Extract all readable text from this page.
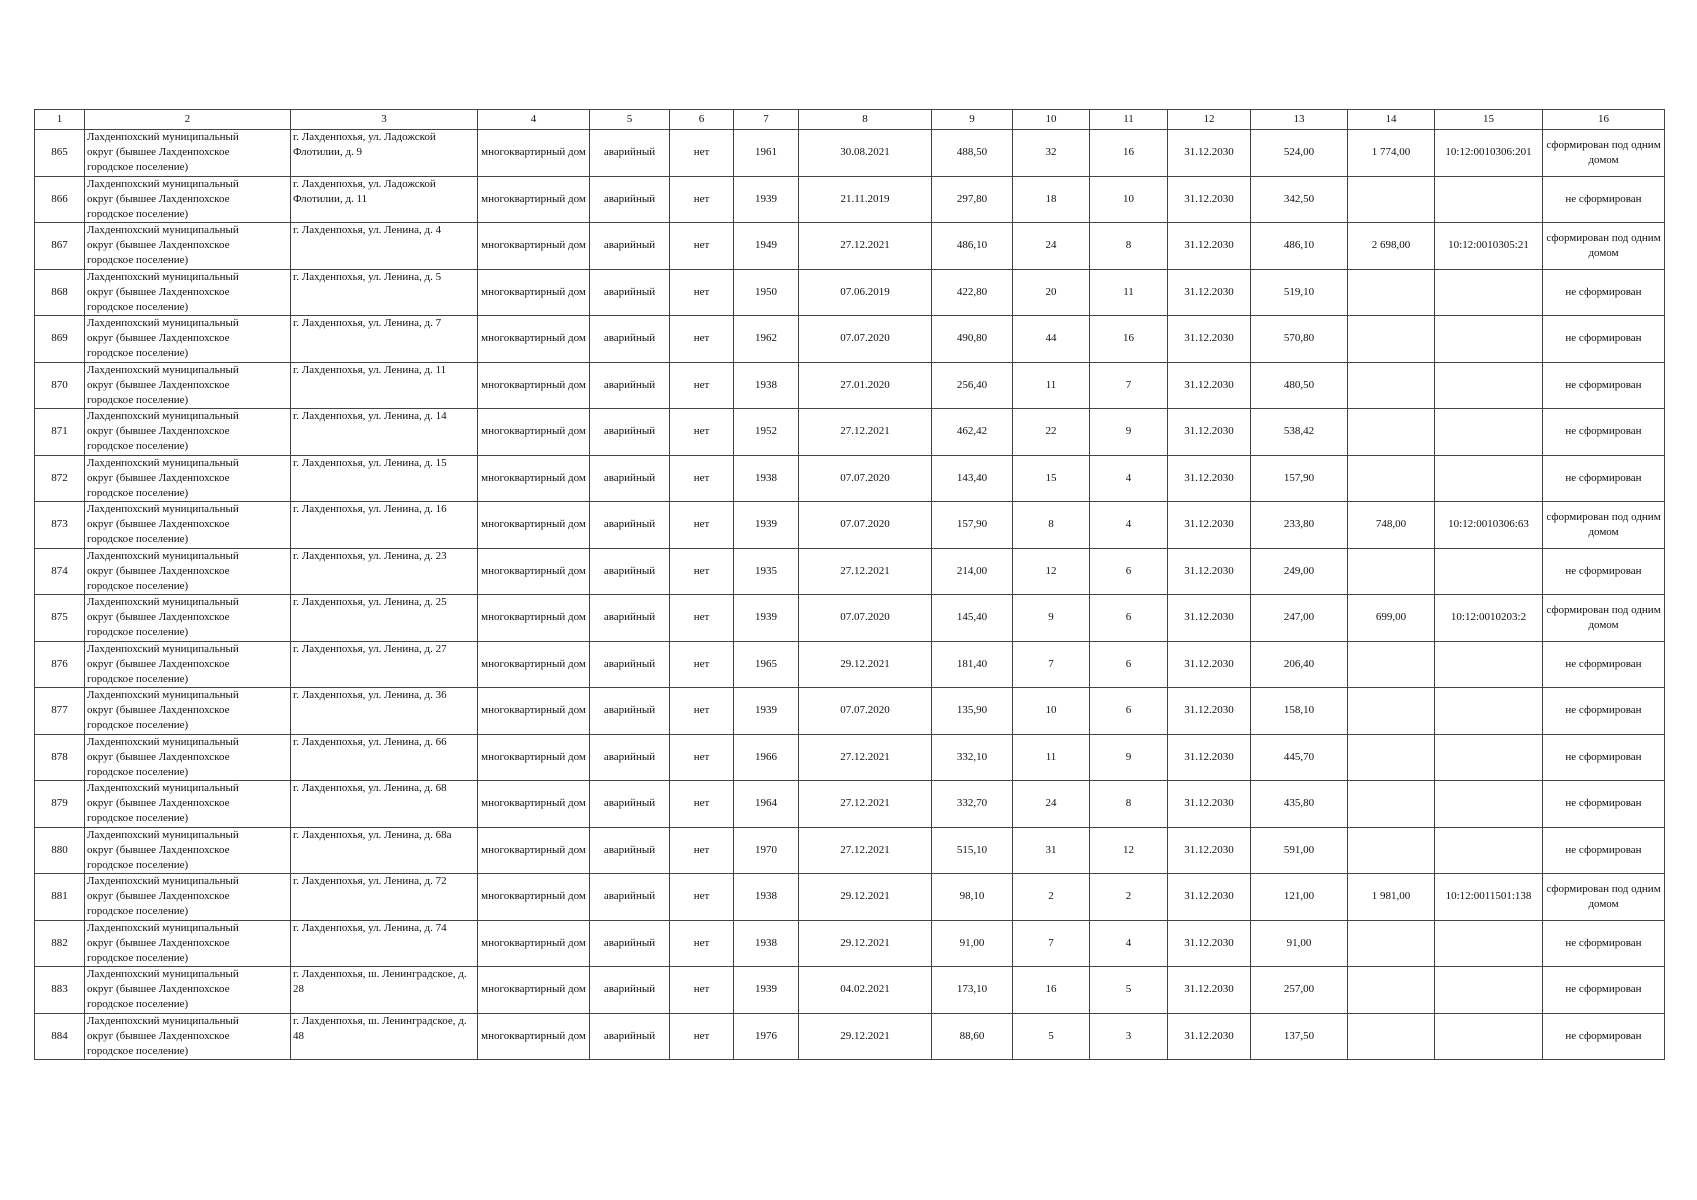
1	2	3	4	5	6	7	8	9	10	11	12	13	14	15	16
865	Лахденпохский муниципальный
округ (бывшее Лахденпохское
городское поселение)	г. Лахденпохья, ул. Ладожской Флотилии, д. 9	многоквартирный дом	аварийный	нет	1961	30.08.2021	488,50	32	16	31.12.2030	524,00	1 774,00	10:12:0010306:201	сформирован под одним домом
866	Лахденпохский муниципальный
округ (бывшее Лахденпохское
городское поселение)	г. Лахденпохья, ул. Ладожской Флотилии, д. 11	многоквартирный дом	аварийный	нет	1939	21.11.2019	297,80	18	10	31.12.2030	342,50			не сформирован
867	Лахденпохский муниципальный
округ (бывшее Лахденпохское
городское поселение)	г. Лахденпохья, ул. Ленина, д. 4	многоквартирный дом	аварийный	нет	1949	27.12.2021	486,10	24	8	31.12.2030	486,10	2 698,00	10:12:0010305:21	сформирован под одним домом
868	Лахденпохский муниципальный
округ (бывшее Лахденпохское
городское поселение)	г. Лахденпохья, ул. Ленина, д. 5	многоквартирный дом	аварийный	нет	1950	07.06.2019	422,80	20	11	31.12.2030	519,10			не сформирован
869	Лахденпохский муниципальный
округ (бывшее Лахденпохское
городское поселение)	г. Лахденпохья, ул. Ленина, д. 7	многоквартирный дом	аварийный	нет	1962	07.07.2020	490,80	44	16	31.12.2030	570,80			не сформирован
870	Лахденпохский муниципальный
округ (бывшее Лахденпохское
городское поселение)	г. Лахденпохья, ул. Ленина, д. 11	многоквартирный дом	аварийный	нет	1938	27.01.2020	256,40	11	7	31.12.2030	480,50			не сформирован
871	Лахденпохский муниципальный
округ (бывшее Лахденпохское
городское поселение)	г. Лахденпохья, ул. Ленина, д. 14	многоквартирный дом	аварийный	нет	1952	27.12.2021	462,42	22	9	31.12.2030	538,42			не сформирован
872	Лахденпохский муниципальный
округ (бывшее Лахденпохское
городское поселение)	г. Лахденпохья, ул. Ленина, д. 15	многоквартирный дом	аварийный	нет	1938	07.07.2020	143,40	15	4	31.12.2030	157,90			не сформирован
873	Лахденпохский муниципальный
округ (бывшее Лахденпохское
городское поселение)	г. Лахденпохья, ул. Ленина, д. 16	многоквартирный дом	аварийный	нет	1939	07.07.2020	157,90	8	4	31.12.2030	233,80	748,00	10:12:0010306:63	сформирован под одним домом
874	Лахденпохский муниципальный
округ (бывшее Лахденпохское
городское поселение)	г. Лахденпохья, ул. Ленина, д. 23	многоквартирный дом	аварийный	нет	1935	27.12.2021	214,00	12	6	31.12.2030	249,00			не сформирован
875	Лахденпохский муниципальный
округ (бывшее Лахденпохское
городское поселение)	г. Лахденпохья, ул. Ленина, д. 25	многоквартирный дом	аварийный	нет	1939	07.07.2020	145,40	9	6	31.12.2030	247,00	699,00	10:12:0010203:2	сформирован под одним домом
876	Лахденпохский муниципальный
округ (бывшее Лахденпохское
городское поселение)	г. Лахденпохья, ул. Ленина, д. 27	многоквартирный дом	аварийный	нет	1965	29.12.2021	181,40	7	6	31.12.2030	206,40			не сформирован
877	Лахденпохский муниципальный
округ (бывшее Лахденпохское
городское поселение)	г. Лахденпохья, ул. Ленина, д. 36	многоквартирный дом	аварийный	нет	1939	07.07.2020	135,90	10	6	31.12.2030	158,10			не сформирован
878	Лахденпохский муниципальный
округ (бывшее Лахденпохское
городское поселение)	г. Лахденпохья, ул. Ленина, д. 66	многоквартирный дом	аварийный	нет	1966	27.12.2021	332,10	11	9	31.12.2030	445,70			не сформирован
879	Лахденпохский муниципальный
округ (бывшее Лахденпохское
городское поселение)	г. Лахденпохья, ул. Ленина, д. 68	многоквартирный дом	аварийный	нет	1964	27.12.2021	332,70	24	8	31.12.2030	435,80			не сформирован
880	Лахденпохский муниципальный
округ (бывшее Лахденпохское
городское поселение)	г. Лахденпохья, ул. Ленина, д. 68а	многоквартирный дом	аварийный	нет	1970	27.12.2021	515,10	31	12	31.12.2030	591,00			не сформирован
881	Лахденпохский муниципальный
округ (бывшее Лахденпохское
городское поселение)	г. Лахденпохья, ул. Ленина, д. 72	многоквартирный дом	аварийный	нет	1938	29.12.2021	98,10	2	2	31.12.2030	121,00	1 981,00	10:12:0011501:138	сформирован под одним домом
882	Лахденпохский муниципальный
округ (бывшее Лахденпохское
городское поселение)	г. Лахденпохья, ул. Ленина, д. 74	многоквартирный дом	аварийный	нет	1938	29.12.2021	91,00	7	4	31.12.2030	91,00			не сформирован
883	Лахденпохский муниципальный
округ (бывшее Лахденпохское
городское поселение)	г. Лахденпохья, ш. Ленинградское, д. 28	многоквартирный дом	аварийный	нет	1939	04.02.2021	173,10	16	5	31.12.2030	257,00			не сформирован
884	Лахденпохский муниципальный
округ (бывшее Лахденпохское
городское поселение)	г. Лахденпохья, ш. Ленинградское, д. 48	многоквартирный дом	аварийный	нет	1976	29.12.2021	88,60	5	3	31.12.2030	137,50			не сформирован
